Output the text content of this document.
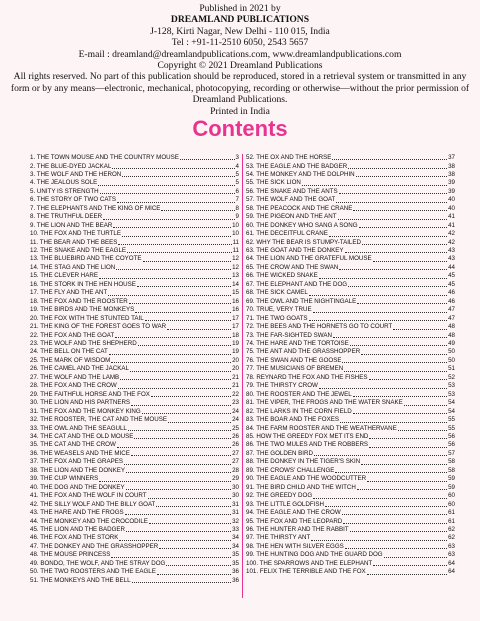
Published in 2021 by
DREAMLAND PUBLICATIONS
J-128, Kirti Nagar, New Delhi - 110 015, India
Tel : +91-11-2510 6050, 2543 5657
E-mail : dreamland@dreamlandpublications.com, www.dreamlandpublications.com
Copyright © 2021 Dreamland Publications
All rights reserved. No part of this publication should be reproduced, stored in a retrieval system or transmitted in any form or by any means—electronic, mechanical, photocopying, recording or otherwise—without the prior permission of Dreamland Publications.
Printed in India
Contents
1. THE TOWN MOUSE AND THE COUNTRY MOUSE	3
2. THE BLUE-DYED JACKAL	4
3. THE WOLF AND THE HERON	5
4. THE JEALOUS SOLE	5
5. UNITY IS STRENGTH	6
6. THE STORY OF TWO CATS	7
7. THE ELEPHANTS AND THE KING OF MICE	8
8. THE TRUTHFUL DEER	9
9. THE LION AND THE BEAR	10
10. THE FOX AND THE TURTLE	10
11. THE BEAR AND THE BEES	11
12. THE SNAKE AND THE EAGLE	11
13. THE BLUEBIRD AND THE COYOTE	12
14. THE STAG AND THE LION	12
15. THE CLEVER HARE	13
16. THE STORK IN THE HEN HOUSE	14
17. THE FLY AND THE ANT	15
18. THE FOX AND THE ROOSTER	16
19. THE BIRDS AND THE MONKEYS	16
20. THE FOX WITH THE STUNTED TAIL	17
21. THE KING OF THE FOREST GOES TO WAR	17
22. THE FOX AND THE GOAT	18
23. THE WOLF AND THE SHEPHERD	19
24. THE BELL ON THE CAT	19
25. THE MARK OF WISDOM	20
26. THE CAMEL AND THE JACKAL	20
27. THE WOLF AND THE LAMB	21
28. THE FOX AND THE CROW	21
29. THE FAITHFUL HORSE AND THE FOX	22
30. THE LION AND HIS PARTNERS	23
31. THE FOX AND THE MONKEY KING	24
32. THE ROOSTER, THE CAT AND THE MOUSE	24
33. THE OWL AND THE SEAGULL	25
34. THE CAT AND THE OLD MOUSE	26
35. THE CAT AND THE CROW	26
36. THE WEASELS AND THE MICE	27
37. THE FOX AND THE GRAPES	27
38. THE LION AND THE DONKEY	28
39. THE CUP WINNERS	29
40. THE DOG AND THE DONKEY	30
41. THE FOX AND THE WOLF IN COURT	30
42. THE SILLY WOLF AND THE BILLY GOAT	31
43. THE HARE AND THE FROGS	31
44. THE MONKEY AND THE CROCODILE	32
45. THE LION AND THE BADGER	33
46. THE FOX AND THE STORK	34
47. THE DONKEY AND THE GRASSHOPPER	34
48. THE MOUSE PRINCESS	35
49. BONDO, THE WOLF, AND THE STRAY DOG	35
50. THE TWO ROOSTERS AND THE EAGLE	36
51. THE MONKEYS AND THE BELL	36
52. THE OX AND THE HORSE	37
53. THE EAGLE AND THE BADGER	38
54. THE MONKEY AND THE DOLPHIN	38
55. THE SICK LION	39
56. THE SNAKE AND THE ANTS	39
57. THE WOLF AND THE GOAT	40
58. THE PEACOCK AND THE CRANE	40
59. THE PIGEON AND THE ANT	41
60. THE DONKEY WHO SANG A SONG	41
61. THE DECEITFUL CRANE	42
62. WHY THE BEAR IS STUMPY-TAILED	42
63. THE GOAT AND THE DONKEY	43
64. THE LION AND THE GRATEFUL MOUSE	43
65. THE CROW AND THE SWAN	44
66. THE WICKED SNAKE	45
67. THE ELEPHANT AND THE DOG	45
68. THE SICK CAMEL	46
69. THE OWL AND THE NIGHTINGALE	46
70. TRUE, VERY TRUE	47
71. THE TWO GOATS	47
72. THE BEES AND THE HORNETS GO TO COURT	48
73. THE FAR-SIGHTED SWAN	48
74. THE HARE AND THE TORTOISE	49
75. THE ANT AND THE GRASSHOPPER	50
76. THE SWAN AND THE GOOSE	50
77. THE MUSICIANS OF BREMEN	51
78. REYNARD THE FOX AND THE FISHES	52
79. THE THIRSTY CROW	53
80. THE ROOSTER AND THE JEWEL	53
81. THE VIPER, THE FROGS AND THE WATER SNAKE	54
82. THE LARKS IN THE CORN FIELD	54
83. THE BOAR AND THE FOXES	55
84. THE FARM ROOSTER AND THE WEATHERVANE	55
85. HOW THE GREEDY FOX MET ITS END	56
86. THE TWO MULES AND THE ROBBERS	56
87. THE GOLDEN BIRD	57
88. THE DONKEY IN THE TIGER'S SKIN	58
89. THE CROWS' CHALLENGE	58
90. THE EAGLE AND THE WOODCUTTER	59
91. THE BIRD CHILD AND THE WITCH	59
92. THE GREEDY DOG	60
93. THE LITTLE GOLDFISH	60
94. THE EAGLE AND THE CROW	61
95. THE FOX AND THE LEOPARD	61
96. THE HUNTER AND THE RABBIT	62
97. THE THIRSTY ANT	62
98. THE HEN WITH SILVER EGGS	63
99. THE HUNTING DOG AND THE GUARD DOG	63
100. THE SPARROWS AND THE ELEPHANT	64
101. FELIX THE TERRIBLE AND THE FOX	64
